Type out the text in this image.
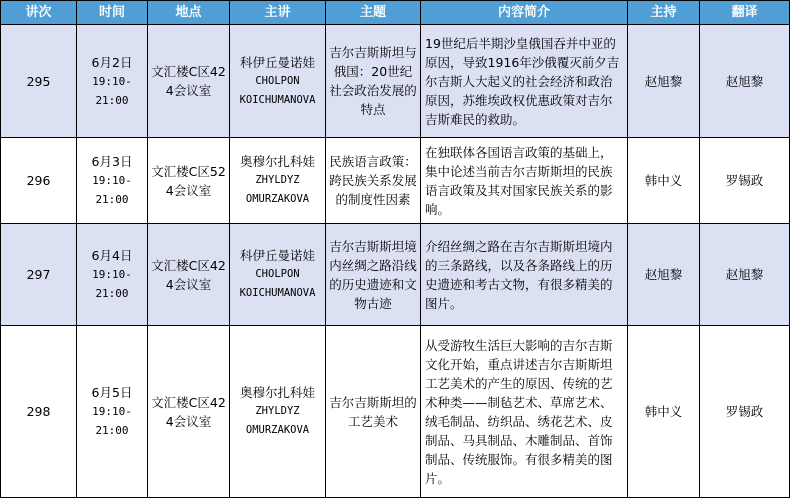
讲次	时间	地点	主讲	主题	内容简介	主持	翻译
295	6月2日
19:10-
21:00	文汇楼C区424会议室	科伊丘曼诺娃
CHOLPON
KOICHUMANOVA	吉尔吉斯斯坦与俄国：20世纪社会政治发展的特点	19世纪后半期沙皇俄国吞并中亚的原因，导致1916年沙俄覆灭前夕吉尔吉斯人大起义的社会经济和政治原因，苏维埃政权优惠政策对吉尔吉斯难民的救助。	赵旭黎	赵旭黎
296	6月3日
19:10-
21:00	文汇楼C区524会议室	奥穆尔扎科娃
ZHYLDYZ
OMURZAKOVA	民族语言政策：跨民族关系发展的制度性因素	在独联体各国语言政策的基础上，集中论述当前吉尔吉斯斯坦的民族语言政策及其对国家民族关系的影响。	韩中义	罗锡政
297	6月4日
19:10-
21:00	文汇楼C区424会议室	科伊丘曼诺娃
CHOLPON
KOICHUMANOVA	吉尔吉斯斯坦境内丝绸之路沿线的历史遗迹和文物古迹	介绍丝绸之路在吉尔吉斯斯坦境内的三条路线，以及各条路线上的历史遗迹和考古文物，有很多精美的图片。	赵旭黎	赵旭黎
298	6月5日
19:10-
21:00	文汇楼C区424会议室	奥穆尔扎科娃
ZHYLDYZ
OMURZAKOVA	吉尔吉斯斯坦的工艺美术	从受游牧生活巨大影响的吉尔吉斯文化开始，重点讲述吉尔吉斯斯坦工艺美术的产生的原因、传统的艺术种类——制毡艺术、草席艺术、绒毛制品、纺织品、绣花艺术、皮制品、马具制品、木雕制品、首饰制品、传统服饰。有很多精美的图片。	韩中义	罗锡政
